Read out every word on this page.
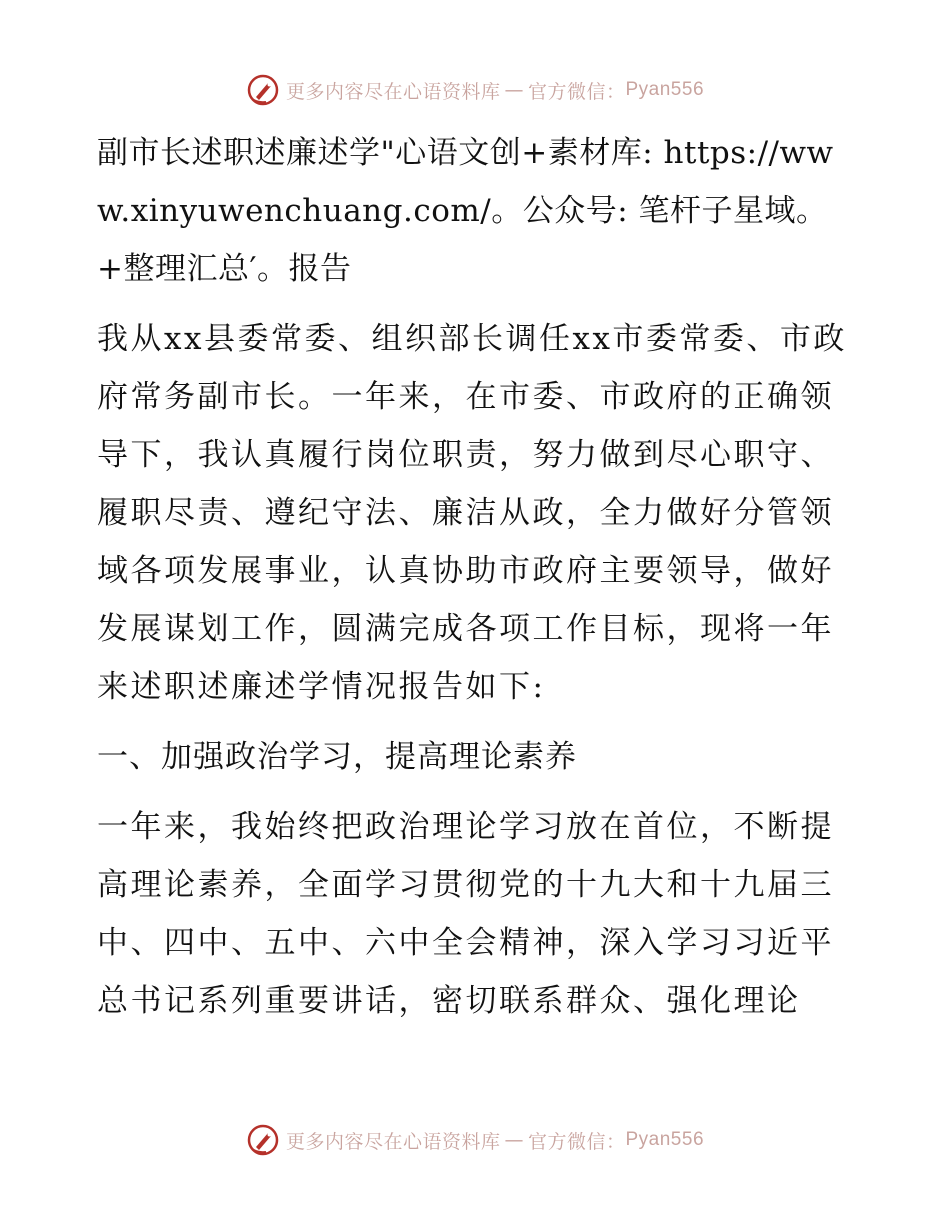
更多内容尽在心语资料库 — 官方微信： Pyan556

副市长述职述廉述学"心语文创+素材库: https://www.xinyuwenchuang.com/。公众号: 笔杆子星域。+整理汇总′。报告

我从xx县委常委、组织部长调任xx市委常委、市政府常务副市长。一年来，在市委、市政府的正确领导下，我认真履行岗位职责，努力做到尽心职守、履职尽责、遵纪守法、廉洁从政，全力做好分管领域各项发展事业，认真协助市政府主要领导，做好发展谋划工作，圆满完成各项工作目标，现将一年来述职述廉述学情况报告如下:

一、加强政治学习，提高理论素养

一年来，我始终把政治理论学习放在首位，不断提高理论素养，全面学习贯彻党的十九大和十九届三中、四中、五中、六中全会精神，深入学习习近平总书记系列重要讲话，密切联系群众、强化理论

更多内容尽在心语资料库 — 官方微信： Pyan556
